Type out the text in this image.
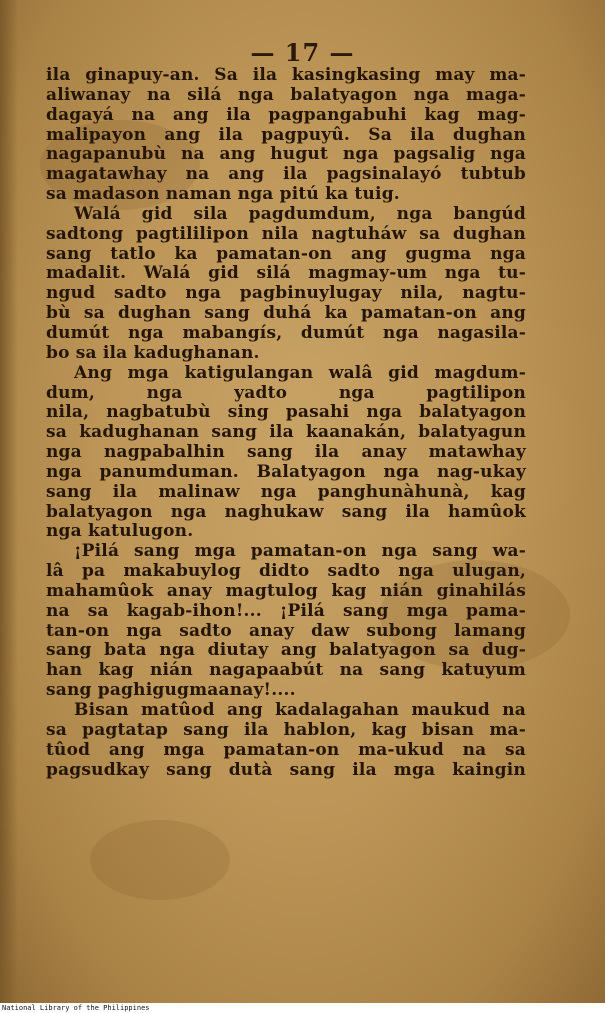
— 17 —
ila ginapuy-an. Sa ila kasingkasing may ma-
aliwanay na silá nga balatyagon nga maga-
dagayá na ang ila pagpangabuhi kag mag-
malipayon ang ila pagpuyû. Sa ila dughan
nagapanubù na ang hugut nga pagsalig nga
magatawhay na ang ila pagsinalayó tubtub
sa madason naman nga pitú ka tuig.
Walá gid sila pagdumdum, nga bangúd
sadtong pagtililipon nila nagtuháw sa dughan
sang tatlo ka pamatan-on ang gugma nga
madalit. Walá gid silá magmay-um nga tu-
ngud sadto nga pagbinuylugay nila, nagtu-
bù sa dughan sang duhá ka pamatan-on ang
dumút nga mabangís, dumút nga nagasila-
bo sa ila kadughanan.
Ang mga katigulangan walâ gid magdum-
dum, nga yadto nga pagtilipon
nila, nagbatubù sing pasahi nga balatyagon
sa kadughanan sang ila kaanakán, balatyagun
nga nagpabalhin sang ila anay matawhay
nga panumduman. Balatyagon nga nag-ukay
sang ila malinaw nga panghunàhunà, kag
balatyagon nga naghukaw sang ila hamûok
nga katulugon.
¡Pilá sang mga pamatan-on nga sang wa-
lâ pa makabuylog didto sadto nga ulugan,
mahamûok anay magtulog kag nián ginahilás
na sa kagab-ihon!... ¡Pilá sang mga pama-
tan-on nga sadto anay daw subong lamang
sang bata nga diutay ang balatyagon sa dug-
han kag nián nagapaabút na sang katuyum
sang paghigugmaanay!....
Bisan matûod ang kadalagahan maukud na
sa pagtatap sang ila hablon, kag bisan ma-
tûod ang mga pamatan-on ma-ukud na sa
pagsudkay sang dutà sang ila mga kaingin
National Library of the Philippines
